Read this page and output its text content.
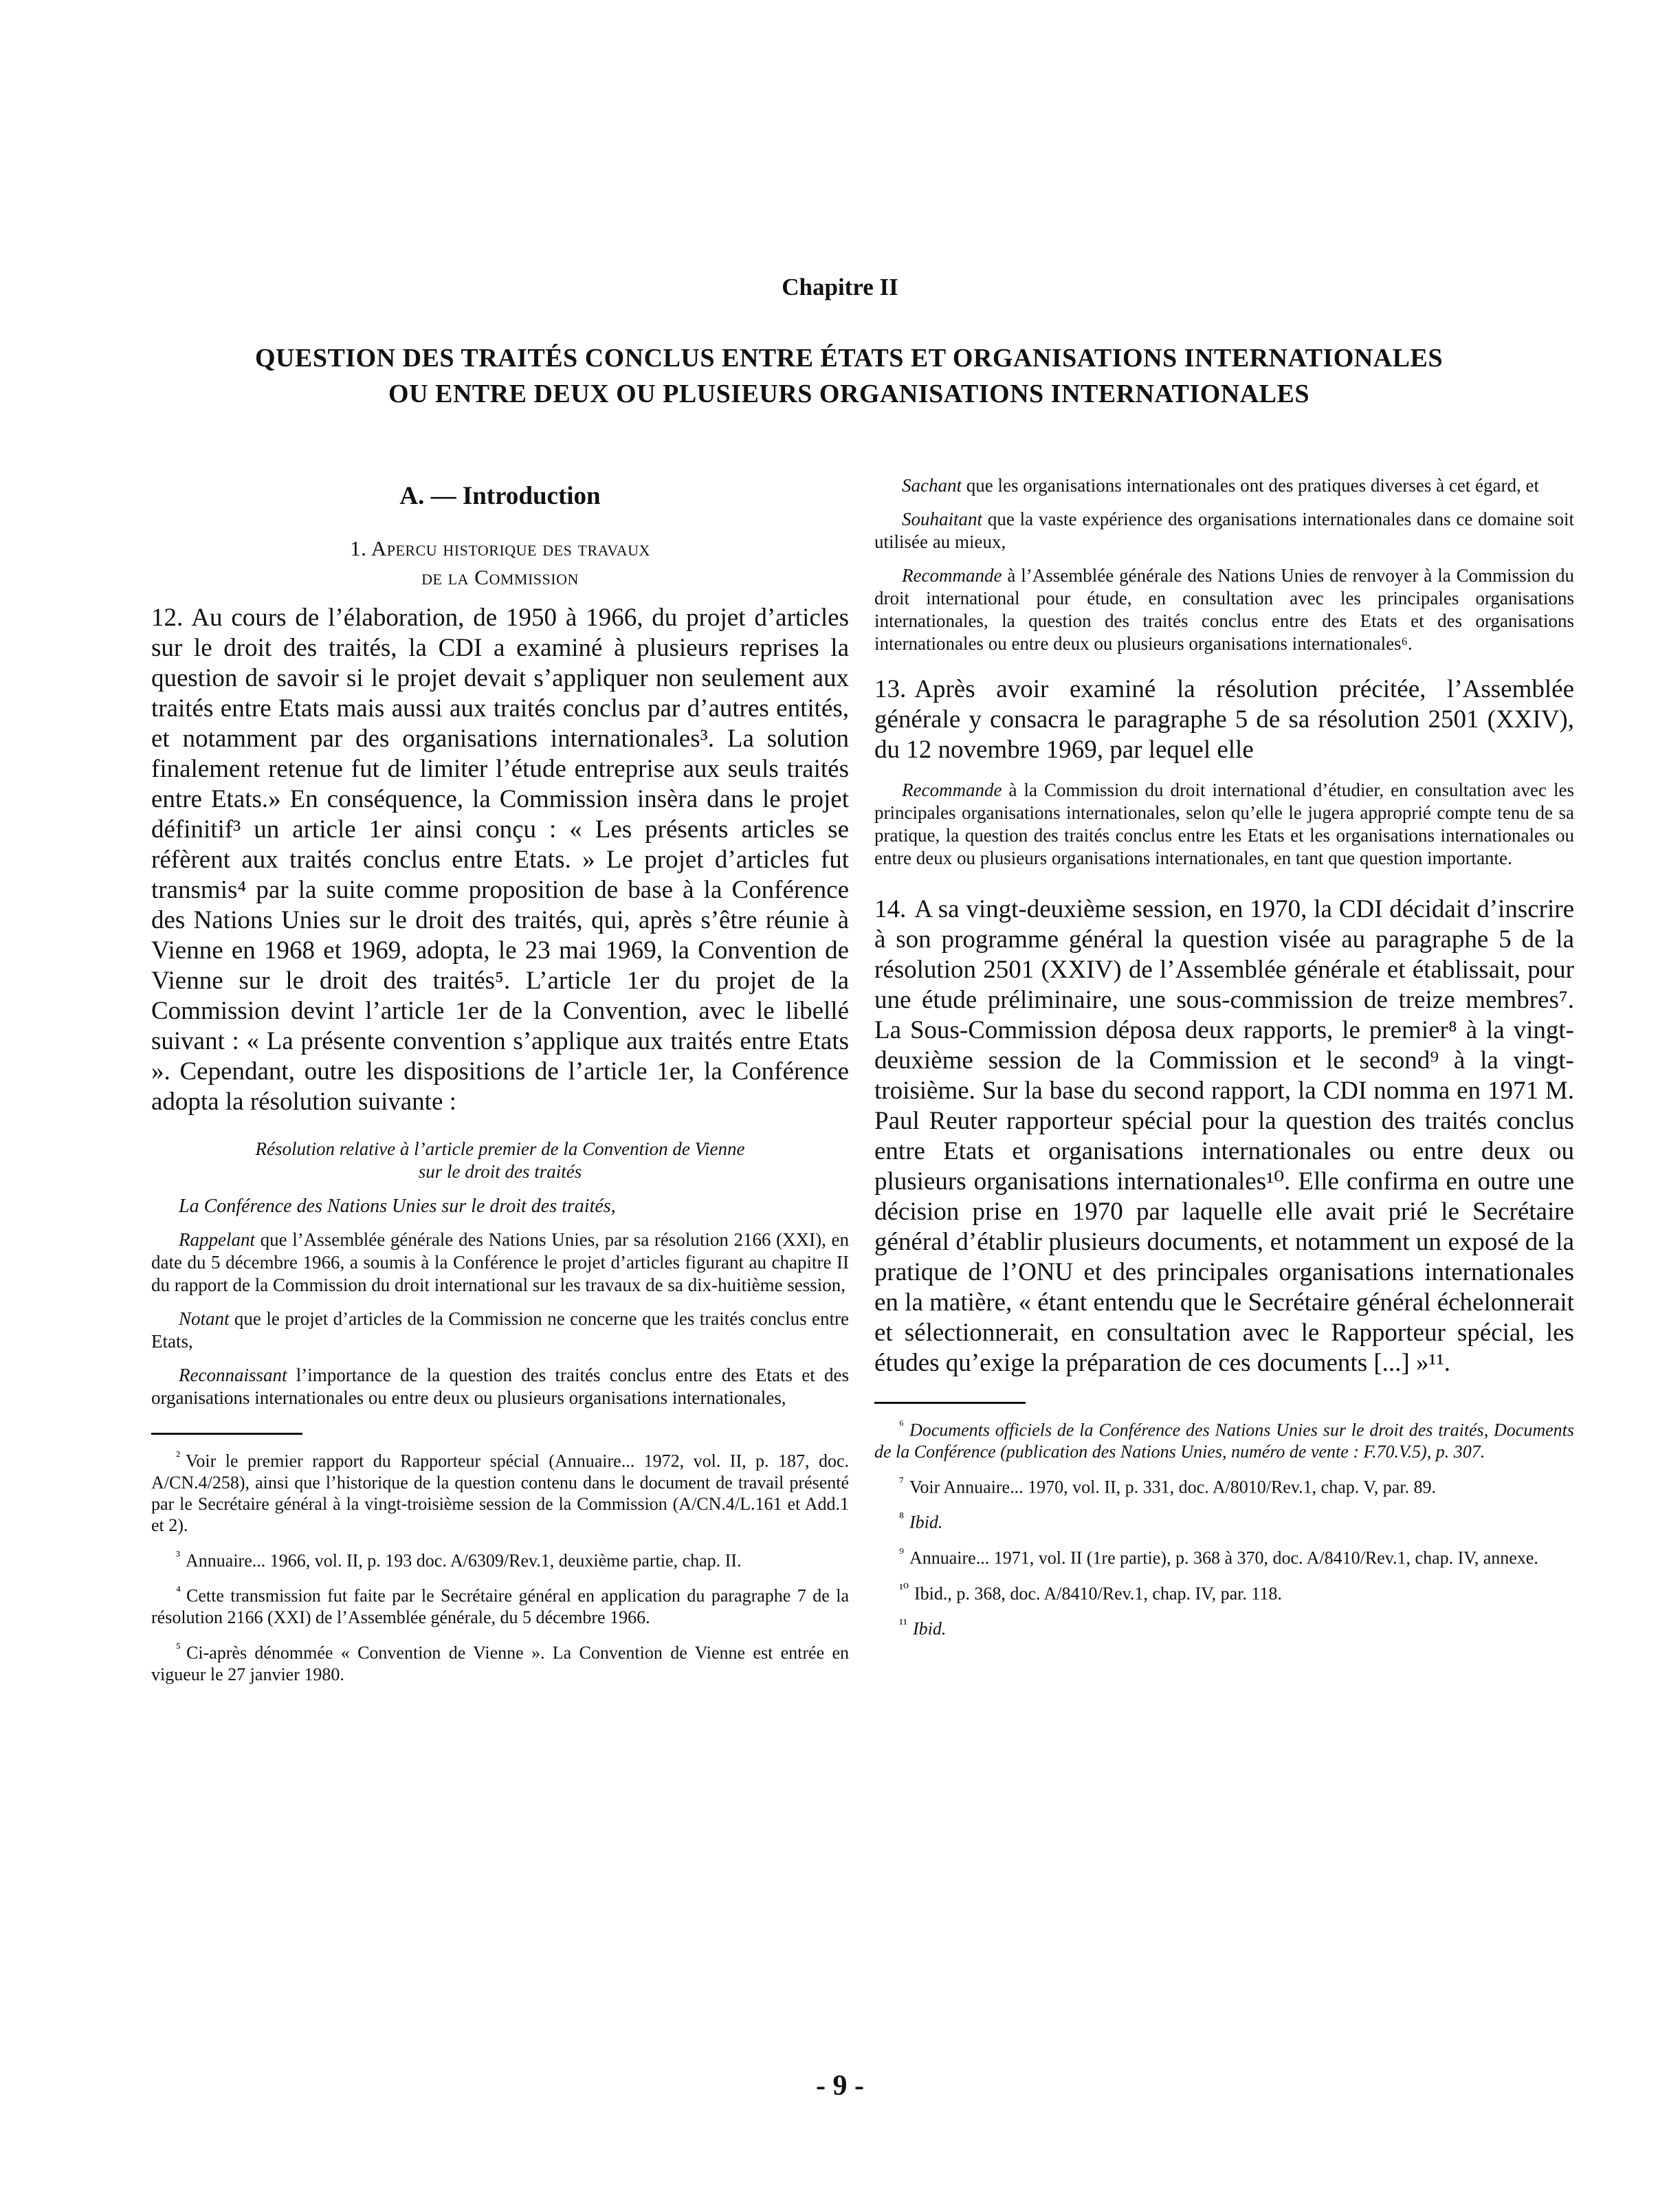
Chapitre II
QUESTION DES TRAITÉS CONCLUS ENTRE ÉTATS ET ORGANISATIONS INTERNATIONALES
OU ENTRE DEUX OU PLUSIEURS ORGANISATIONS INTERNATIONALES
A. — Introduction
1. Apercu historique des travaux
de la Commission

12. Au cours de l’élaboration, de 1950 à 1966, du projet d’articles sur le droit des traités, la CDI a examiné à plusieurs reprises la question de savoir si le projet devait s’appliquer non seulement aux traités entre Etats mais aussi aux traités conclus par d’autres entités, et notamment par des organisations internationales³. La solution finalement retenue fut de limiter l’étude entreprise aux seuls traités entre Etats.» En conséquence, la Commission insèra dans le projet définitif³ un article 1er ainsi conçu : « Les présents articles se réfèrent aux traités conclus entre Etats. » Le projet d’articles fut transmis⁴ par la suite comme proposition de base à la Conférence des Nations Unies sur le droit des traités, qui, après s’être réunie à Vienne en 1968 et 1969, adopta, le 23 mai 1969, la Convention de Vienne sur le droit des traités⁵. L’article 1er du projet de la Commission devint l’article 1er de la Convention, avec le libellé suivant : « La présente convention s’applique aux traités entre Etats ». Cependant, outre les dispositions de l’article 1er, la Conférence adopta la résolution suivante :

Résolution relative à l’article premier de la Convention de Vienne
sur le droit des traités
La Conférence des Nations Unies sur le droit des traités,
Rappelant que l’Assemblée générale des Nations Unies, par sa résolution 2166 (XXI), en date du 5 décembre 1966, a soumis à la Conférence le projet d’articles figurant au chapitre II du rapport de la Commission du droit international sur les travaux de sa dix-huitième session,
Notant que le projet d’articles de la Commission ne concerne que les traités conclus entre Etats,
Reconnaissant l’importance de la question des traités conclus entre des Etats et des organisations internationales ou entre deux ou plusieurs organisations internationales,
$^{^2}$ Voir le premier rapport du Rapporteur spécial (Annuaire... 1972, vol. II, p. 187, doc. A/CN.4/258), ainsi que l’historique de la question contenu dans le document de travail présenté par le Secrétaire général à la vingt-troisième session de la Commission (A/CN.4/L.161 et Add.1 et 2).
$^{^3}$ Annuaire... 1966, vol. II, p. 193 doc. A/6309/Rev.1, deuxième partie, chap. II.
$^{^4}$ Cette transmission fut faite par le Secrétaire général en application du paragraphe 7 de la résolution 2166 (XXI) de l’Assemblée générale, du 5 décembre 1966.
$^{^5}$ Ci-après dénommée « Convention de Vienne ». La Convention de Vienne est entrée en vigueur le 27 janvier 1980.
Sachant que les organisations internationales ont des pratiques diverses à cet égard, et
Souhaitant que la vaste expérience des organisations internationales dans ce domaine soit utilisée au mieux,
Recommande à l’Assemblée générale des Nations Unies de renvoyer à la Commission du droit international pour étude, en consultation avec les principales organisations internationales, la question des traités conclus entre des Etats et des organisations internationales ou entre deux ou plusieurs organisations internationales⁶.

13. Après avoir examiné la résolution précitée, l’Assemblée générale y consacra le paragraphe 5 de sa résolution 2501 (XXIV), du 12 novembre 1969, par lequel elle

Recommande à la Commission du droit international d’étudier, en consultation avec les principales organisations internationales, selon qu’elle le jugera approprié compte tenu de sa pratique, la question des traités conclus entre les Etats et les organisations internationales ou entre deux ou plusieurs organisations internationales, en tant que question importante.

14. A sa vingt-deuxième session, en 1970, la CDI décidait d’inscrire à son programme général la question visée au paragraphe 5 de la résolution 2501 (XXIV) de l’Assemblée générale et établissait, pour une étude préliminaire, une sous-commission de treize membres⁷. La Sous-Commission déposa deux rapports, le premier⁸ à la vingt-deuxième session de la Commission et le second⁹ à la vingt-troisième. Sur la base du second rapport, la CDI nomma en 1971 M. Paul Reuter rapporteur spécial pour la question des traités conclus entre Etats et organisations internationales ou entre deux ou plusieurs organisations internationales¹⁰. Elle confirma en outre une décision prise en 1970 par laquelle elle avait prié le Secrétaire général d’établir plusieurs documents, et notamment un exposé de la pratique de l’ONU et des principales organisations internationales en la matière, « étant entendu que le Secrétaire général échelonnerait et sélectionnerait, en consultation avec le Rapporteur spécial, les études qu’exige la préparation de ces documents [...] »¹¹.

$^{^6}$ Documents officiels de la Conférence des Nations Unies sur le droit des traités, Documents de la Conférence (publication des Nations Unies, numéro de vente : F.70.V.5), p. 307.
$^{^7}$ Voir Annuaire... 1970, vol. II, p. 331, doc. A/8010/Rev.1, chap. V, par. 89.
$^{^8}$ Ibid.
$^{^9}$ Annuaire... 1971, vol. II (1re partie), p. 368 à 370, doc. A/8410/Rev.1, chap. IV, annexe.
$^{^{10}}$ Ibid., p. 368, doc. A/8410/Rev.1, chap. IV, par. 118.
$^{^{11}}$ Ibid.
- 9 -
